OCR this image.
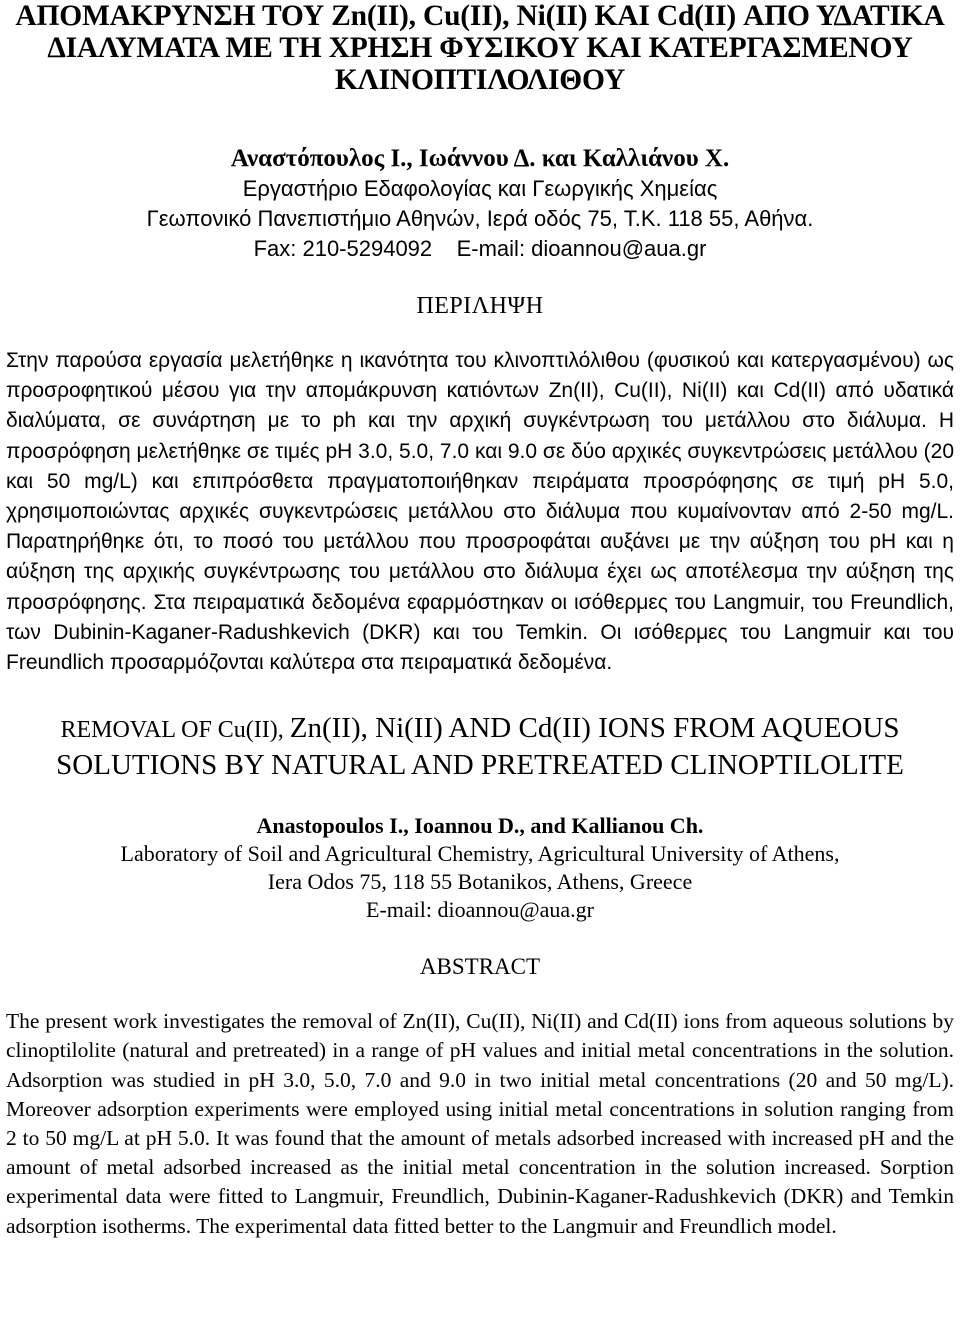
ΑΠΟΜΑΚΡΥΝΣΗ ΤΟΥ Zn(II), Cu(II), Ni(II) ΚΑΙ Cd(II) ΑΠΟ ΥΔΑΤΙΚΑ ΔΙΑΛΥΜΑΤΑ ΜΕ ΤΗ ΧΡΗΣΗ ΦΥΣΙΚΟΥ ΚΑΙ ΚΑΤΕΡΓΑΣΜΕΝΟΥ ΚΛΙΝΟΠΤΙΛΟΛΙΘΟΥ
Αναστόπουλος Ι., Ιωάννου Δ. και Καλλιάνου Χ.
Εργαστήριο Εδαφολογίας και Γεωργικής Χημείας
Γεωπονικό Πανεπιστήμιο Αθηνών, Ιερά οδός 75, Τ.Κ. 118 55, Αθήνα.
Fax: 210-5294092    E-mail: dioannou@aua.gr
ΠΕΡΙΛΗΨΗ
Στην παρούσα εργασία μελετήθηκε η ικανότητα του κλινοπτιλόλιθου (φυσικού και κατεργασμένου) ως προσροφητικού μέσου για την απομάκρυνση κατιόντων Zn(II), Cu(II), Ni(II) και Cd(II) από υδατικά διαλύματα, σε συνάρτηση με το ph και την αρχική συγκέντρωση του μετάλλου στο διάλυμα. Η προσρόφηση μελετήθηκε σε τιμές pH 3.0, 5.0, 7.0 και 9.0 σε δύο αρχικές συγκεντρώσεις μετάλλου (20 και 50 mg/L) και επιπρόσθετα πραγματοποιήθηκαν πειράματα προσρόφησης σε τιμή pH 5.0, χρησιμοποιώντας αρχικές συγκεντρώσεις μετάλλου στο διάλυμα που κυμαίνονταν από 2-50 mg/L. Παρατηρήθηκε ότι, το ποσό του μετάλλου που προσροφάται αυξάνει με την αύξηση του pH και η αύξηση της αρχικής συγκέντρωσης του μετάλλου στο διάλυμα έχει ως αποτέλεσμα την αύξηση της προσρόφησης. Στα πειραματικά δεδομένα εφαρμόστηκαν οι ισόθερμες του Langmuir, του Freundlich, των Dubinin-Kaganer-Radushkevich (DKR) και του Temkin. Οι ισόθερμες του Langmuir και του Freundlich προσαρμόζονται καλύτερα στα πειραματικά δεδομένα.
REMOVAL OF Cu(II), Zn(II), Ni(II) AND Cd(II) IONS FROM AQUEOUS SOLUTIONS BY NATURAL AND PRETREATED CLINOPTILOLITE
Anastopoulos I., Ioannou D., and Kallianou Ch.
Laboratory of Soil and Agricultural Chemistry, Agricultural University of Athens,
Iera Odos 75, 118 55 Botanikos, Athens, Greece
E-mail: dioannou@aua.gr
ABSTRACT
The present work investigates the removal of Zn(II), Cu(II), Ni(II) and Cd(II) ions from aqueous solutions by clinoptilolite (natural and pretreated) in a range of pH values and initial metal concentrations in the solution. Adsorption was studied in pH 3.0, 5.0, 7.0 and 9.0 in two initial metal concentrations (20 and 50 mg/L). Moreover adsorption experiments were employed using initial metal concentrations in solution ranging from 2 to 50 mg/L at pH 5.0. It was found that the amount of metals adsorbed increased with increased pH and the amount of metal adsorbed increased as the initial metal concentration in the solution increased. Sorption experimental data were fitted to Langmuir, Freundlich, Dubinin-Kaganer-Radushkevich (DKR) and Temkin adsorption isotherms. The experimental data fitted better to the Langmuir and Freundlich model.
